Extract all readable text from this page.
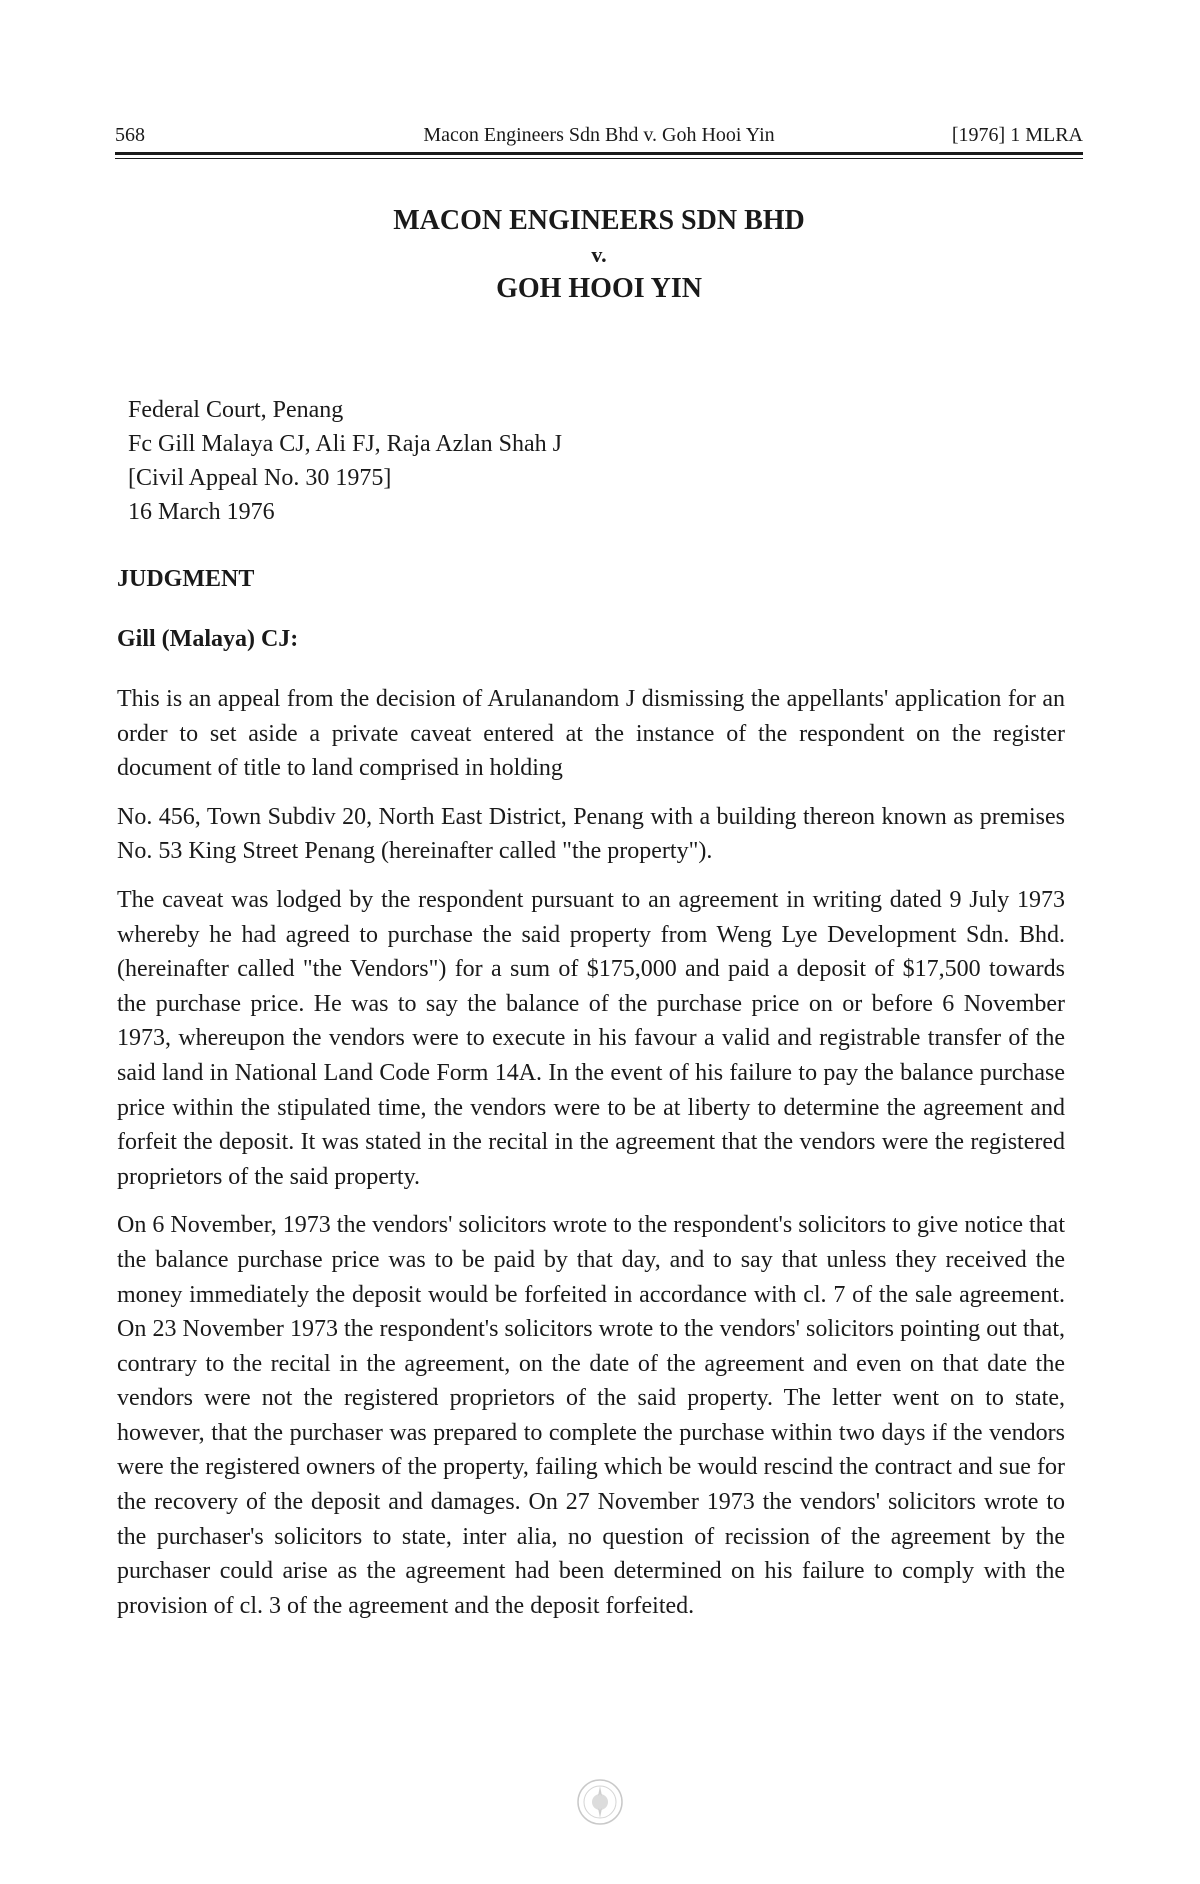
568	Macon Engineers Sdn Bhd v. Goh Hooi Yin	[1976] 1 MLRA
MACON ENGINEERS SDN BHD
v.
GOH HOOI YIN
Federal Court, Penang
Fc Gill Malaya CJ, Ali FJ, Raja Azlan Shah J
[Civil Appeal No. 30 1975]
16 March 1976
JUDGMENT
Gill (Malaya) CJ:

This is an appeal from the decision of Arulanandom J dismissing the appellants' application for an order to set aside a private caveat entered at the instance of the respondent on the register document of title to land comprised in holding

No. 456, Town Subdiv 20, North East District, Penang with a building thereon known as premises No. 53 King Street Penang (hereinafter called "the property").

The caveat was lodged by the respondent pursuant to an agreement in writing dated 9 July 1973 whereby he had agreed to purchase the said property from Weng Lye Development Sdn. Bhd. (hereinafter called "the Vendors") for a sum of $175,000 and paid a deposit of $17,500 towards the purchase price. He was to say the balance of the purchase price on or before 6 November 1973, whereupon the vendors were to execute in his favour a valid and registrable transfer of the said land in National Land Code Form 14A. In the event of his failure to pay the balance purchase price within the stipulated time, the vendors were to be at liberty to determine the agreement and forfeit the deposit. It was stated in the recital in the agreement that the vendors were the registered proprietors of the said property.

On 6 November, 1973 the vendors' solicitors wrote to the respondent's solicitors to give notice that the balance purchase price was to be paid by that day, and to say that unless they received the money immediately the deposit would be forfeited in accordance with cl. 7 of the sale agreement. On 23 November 1973 the respondent's solicitors wrote to the vendors' solicitors pointing out that, contrary to the recital in the agreement, on the date of the agreement and even on that date the vendors were not the registered proprietors of the said property. The letter went on to state, however, that the purchaser was prepared to complete the purchase within two days if the vendors were the registered owners of the property, failing which be would rescind the contract and sue for the recovery of the deposit and damages. On 27 November 1973 the vendors' solicitors wrote to the purchaser's solicitors to state, inter alia, no question of recission of the agreement by the purchaser could arise as the agreement had been determined on his failure to comply with the provision of cl. 3 of the agreement and the deposit forfeited.
